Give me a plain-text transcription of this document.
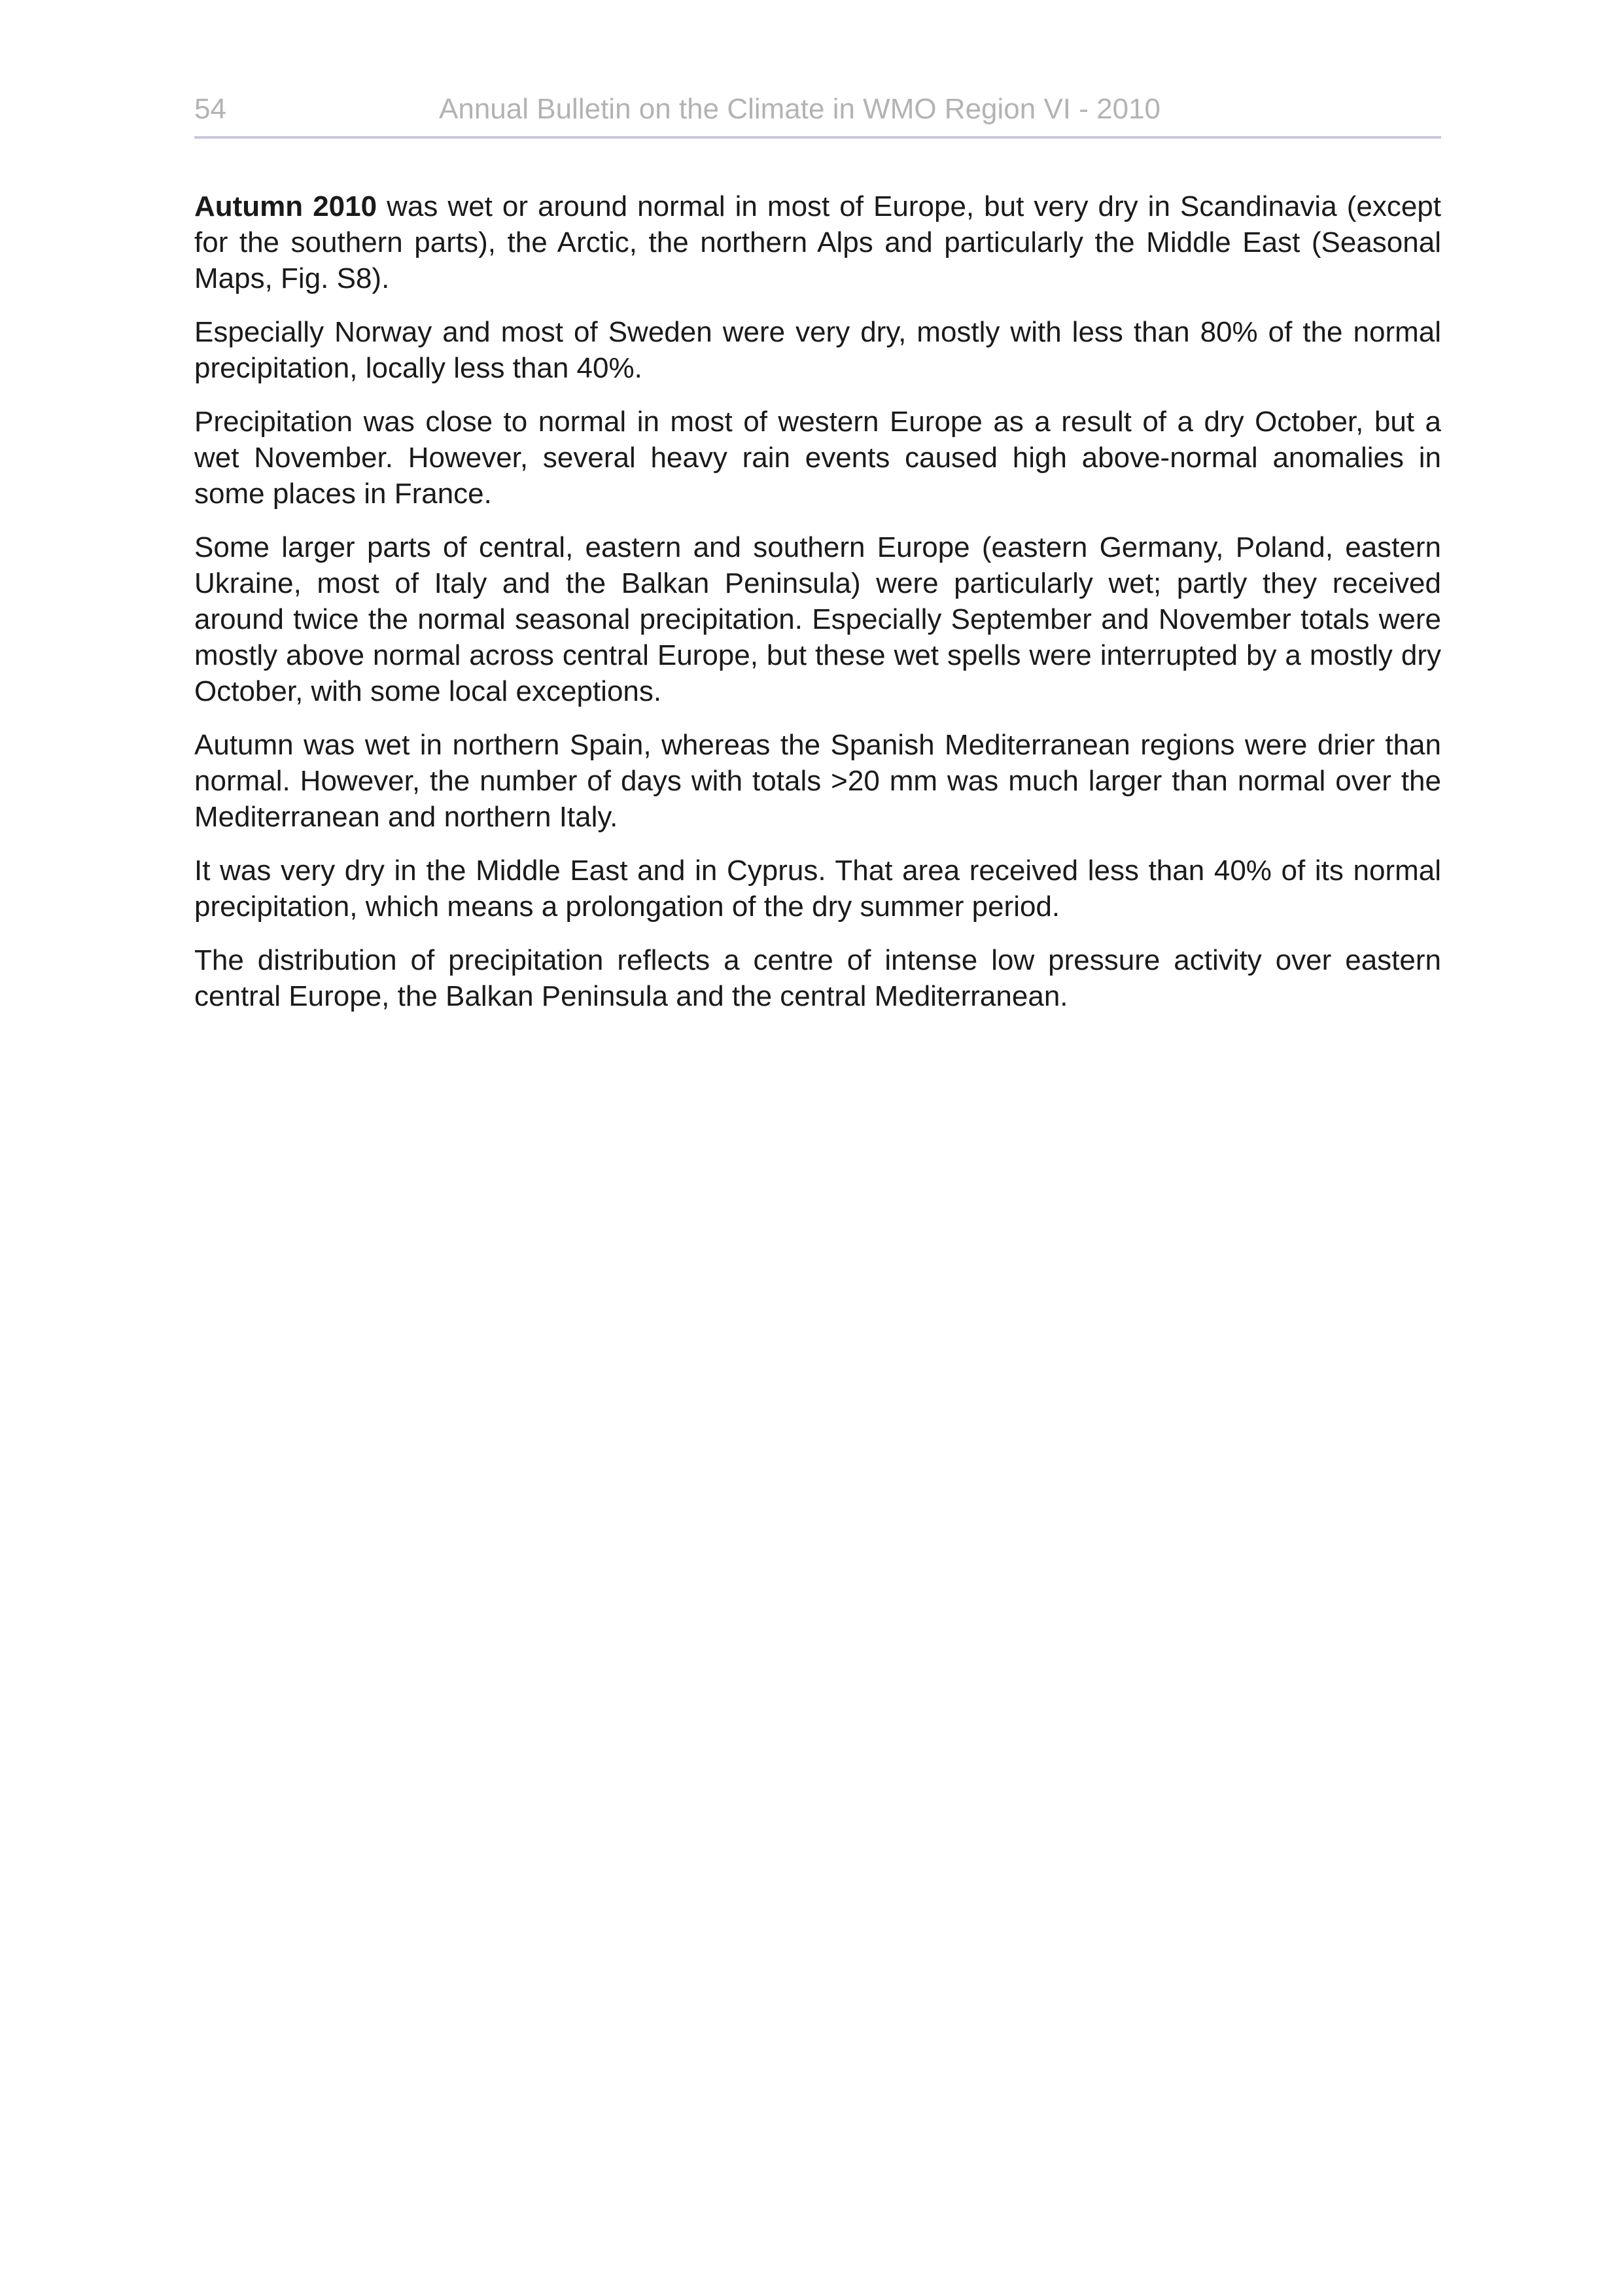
54	Annual Bulletin on the Climate in WMO Region VI - 2010

Autumn 2010 was wet or around normal in most of Europe, but very dry in Scandinavia (except for the southern parts), the Arctic, the northern Alps and particularly the Middle East (Seasonal Maps, Fig. S8).

Especially Norway and most of Sweden were very dry, mostly with less than 80% of the normal precipitation, locally less than 40%.

Precipitation was close to normal in most of western Europe as a result of a dry October, but a wet November. However, several heavy rain events caused high above-normal anomalies in some places in France.

Some larger parts of central, eastern and southern Europe (eastern Germany, Poland, eastern Ukraine, most of Italy and the Balkan Peninsula) were particularly wet; partly they received around twice the normal seasonal precipitation. Especially September and November totals were mostly above normal across central Europe, but these wet spells were interrupted by a mostly dry October, with some local exceptions.

Autumn was wet in northern Spain, whereas the Spanish Mediterranean regions were drier than normal. However, the number of days with totals >20 mm was much larger than normal over the Mediterranean and northern Italy.

It was very dry in the Middle East and in Cyprus. That area received less than 40% of its normal precipitation, which means a prolongation of the dry summer period.

The distribution of precipitation reflects a centre of intense low pressure activity over eastern central Europe, the Balkan Peninsula and the central Mediterranean.
